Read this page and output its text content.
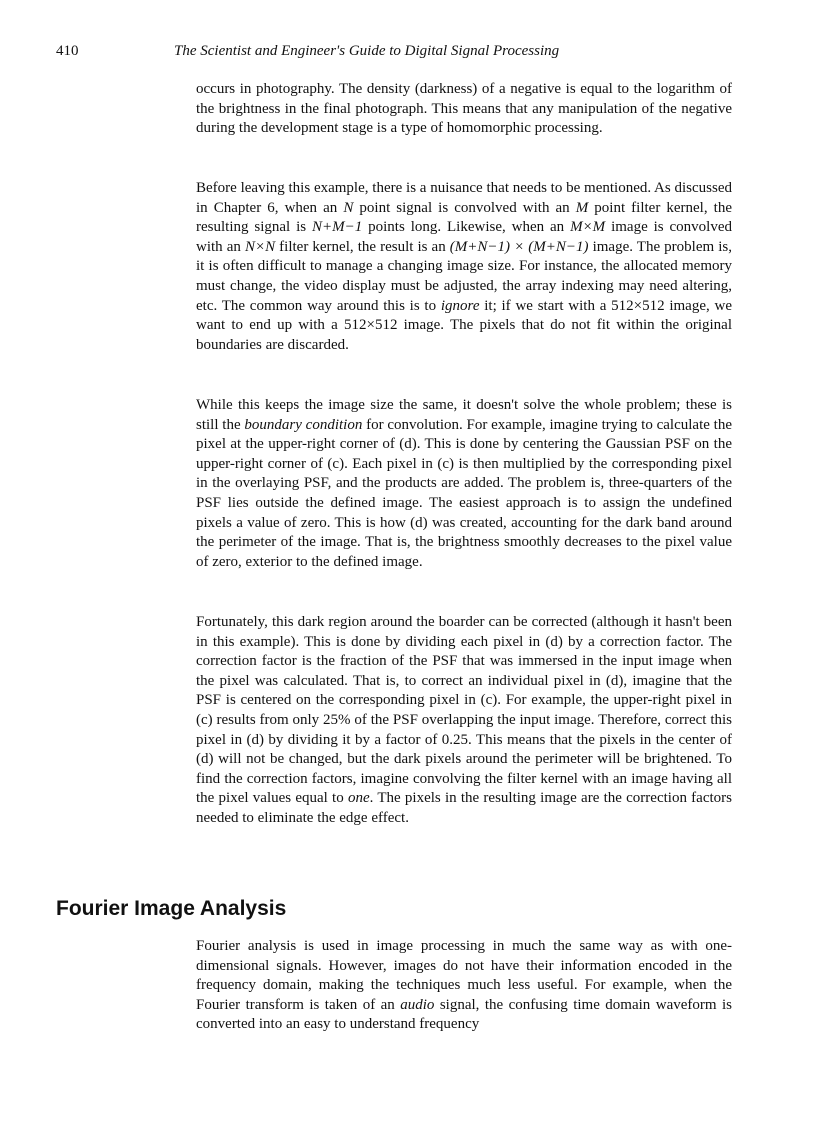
410	The Scientist and Engineer's Guide to Digital Signal Processing

occurs in photography. The density (darkness) of a negative is equal to the logarithm of the brightness in the final photograph. This means that any manipulation of the negative during the development stage is a type of homomorphic processing.

Before leaving this example, there is a nuisance that needs to be mentioned. As discussed in Chapter 6, when an N point signal is convolved with an M point filter kernel, the resulting signal is N+M−1 points long. Likewise, when an M×M image is convolved with an N×N filter kernel, the result is an (M+N−1) × (M+N−1) image. The problem is, it is often difficult to manage a changing image size. For instance, the allocated memory must change, the video display must be adjusted, the array indexing may need altering, etc. The common way around this is to ignore it; if we start with a 512×512 image, we want to end up with a 512×512 image. The pixels that do not fit within the original boundaries are discarded.

While this keeps the image size the same, it doesn't solve the whole problem; these is still the boundary condition for convolution. For example, imagine trying to calculate the pixel at the upper-right corner of (d). This is done by centering the Gaussian PSF on the upper-right corner of (c). Each pixel in (c) is then multiplied by the corresponding pixel in the overlaying PSF, and the products are added. The problem is, three-quarters of the PSF lies outside the defined image. The easiest approach is to assign the undefined pixels a value of zero. This is how (d) was created, accounting for the dark band around the perimeter of the image. That is, the brightness smoothly decreases to the pixel value of zero, exterior to the defined image.

Fortunately, this dark region around the boarder can be corrected (although it hasn't been in this example). This is done by dividing each pixel in (d) by a correction factor. The correction factor is the fraction of the PSF that was immersed in the input image when the pixel was calculated. That is, to correct an individual pixel in (d), imagine that the PSF is centered on the corresponding pixel in (c). For example, the upper-right pixel in (c) results from only 25% of the PSF overlapping the input image. Therefore, correct this pixel in (d) by dividing it by a factor of 0.25. This means that the pixels in the center of (d) will not be changed, but the dark pixels around the perimeter will be brightened. To find the correction factors, imagine convolving the filter kernel with an image having all the pixel values equal to one. The pixels in the resulting image are the correction factors needed to eliminate the edge effect.

Fourier Image Analysis

Fourier analysis is used in image processing in much the same way as with one-dimensional signals. However, images do not have their information encoded in the frequency domain, making the techniques much less useful. For example, when the Fourier transform is taken of an audio signal, the confusing time domain waveform is converted into an easy to understand frequency
